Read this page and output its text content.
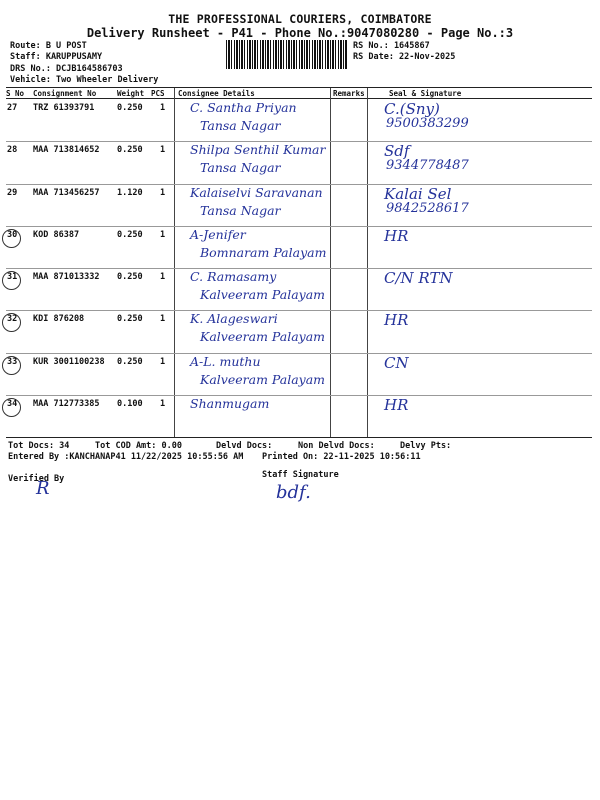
THE PROFESSIONAL COURIERS, COIMBATORE
Delivery Runsheet - P41 - Phone No.:9047080280 - Page No.:3
Route: B U POST
Staff: KARUPPUSAMY
DRS No.: DCJB164586703
Vehicle: Two Wheeler Delivery
RS No.: 1645867
RS Date: 22-Nov-2025
S No Consignment No	Weight PCS Consignee Details	Remarks	Seal & Signature
27 TRZ 61393791	0.250 1 C. Santha Priyan
Tansa Nagar
C.(Sny)
9500383299
28 MAA 713814652 0.250 1 Shilpa Senthil Kumar
Tansa Nagar
Sdf
9344778487
29 MAA 713456257 1.120 1 Kalaiselvi Saravanan
Tansa Nagar
Kalai Sel
9842528617
30 KOD 86387	0.250 1 A-Jenifer
Bomnaram Palayam
HR
31 MAA 871013332 0.250 1 C. Ramasamy
Kalveeram Palayam
C/N RTN
32 KDI 876208	0.250 1 K. Alageswari
Kalveeram Palayam
HR
33 KUR 3001100238 0.250 1 A-L. muthu
Kalveeram Palayam
CN
34 MAA 712773385 0.100 1 Shanmugam	HR
Tot Docs: 34	Tot COD Amt: 0.00	Delvd Docs:	Non Delvd Docs:	Delvy Pts:
Entered By :KANCHANAP41 11/22/2025 10:55:56 AM Printed On: 22-11-2025 10:56:11
Verified By	Staff Signature
R	bdf.
